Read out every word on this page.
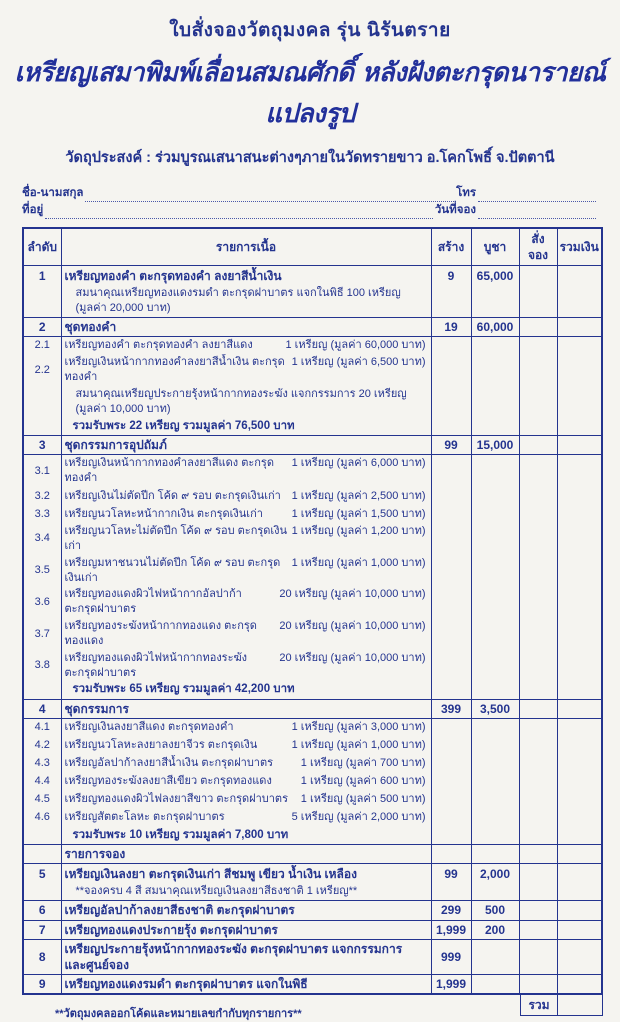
ใบสั่งจองวัตถุมงคล รุ่น นิรันตราย
เหรียญเสมาพิมพ์เลื่อนสมณศักดิ์ หลังฝังตะกรุดนารายณ์แปลงรูป
วัดถุประสงค์ : ร่วมบูรณเสนาสนะต่างๆภายในวัดทรายขาว อ.โคกโพธิ์ จ.ปัตตานี
ชื่อ-นามสกุล	โทร
ที่อยู่	วันที่จอง
ลำดับ	รายการเนื้อ	สร้าง	บูชา	สั่งจอง	รวมเงิน
1	เหรียญทองคำ ตะกรุดทองคำ ลงยาสีน้ำเงิน	9	65,000		

	สมนาคุณเหรียญทองแดงรมดำ ตะกรุดฝาบาตร แจกในพิธี 100 เหรียญ (มูลค่า 20,000 บาท)				

2	ชุดทองคำ	19	60,000		
2.1	เหรียญทองคำ ตะกรุดทองคำ ลงยาสีแดง 1 เหรียญ (มูลค่า 60,000 บาท)				

2.2	เหรียญเงินหน้ากากทองคำลงยาสีน้ำเงิน ตะกรุดทองคำ
1 เหรียญ (มูลค่า 6,500 บาท)				

	สมนาคุณเหรียญประกายรุ้งหน้ากากทองระฆัง แจกกรรมการ 20 เหรียญ (มูลค่า 10,000 บาท)				

	รวมรับพระ 22 เหรียญ รวมมูลค่า 76,500 บาท				

3	ชุดกรรมการอุปถัมภ์	99	15,000		
3.1	เหรียญเงินหน้ากากทองคำลงยาสีแดง ตะกรุดทองคำ
1 เหรียญ (มูลค่า 6,000 บาท)				

3.2	เหรียญเงินไม่ตัดปีก โค้ด ๙ รอบ ตะกรุดเงินเก่า 1 เหรียญ (มูลค่า 2,500 บาท)				

3.3	เหรียญนวโลหะหน้ากากเงิน ตะกรุดเงินเก่า 1 เหรียญ (มูลค่า 1,500 บาท)				

3.4	เหรียญนวโลหะไม่ตัดปีก โค้ด ๙ รอบ ตะกรุดเงินเก่า
1 เหรียญ (มูลค่า 1,200 บาท)				

3.5	เหรียญมหาชนวนไม่ตัดปีก โค้ด ๙ รอบ ตะกรุดเงินเก่า
1 เหรียญ (มูลค่า 1,000 บาท)				

3.6	เหรียญทองแดงผิวไฟหน้ากากอัลปาก้า ตะกรุดฝาบาตร
20 เหรียญ (มูลค่า 10,000 บาท)				

3.7	เหรียญทองระฆังหน้ากากทองแดง ตะกรุดทองแดง
20 เหรียญ (มูลค่า 10,000 บาท)				

3.8	เหรียญทองแดงผิวไฟหน้ากากทองระฆัง ตะกรุดฝาบาตร
20 เหรียญ (มูลค่า 10,000 บาท)				

	รวมรับพระ 65 เหรียญ รวมมูลค่า 42,200 บาท				

4	ชุดกรรมการ	399	3,500		
4.1	เหรียญเงินลงยาสีแดง ตะกรุดทองคำ 1 เหรียญ (มูลค่า 3,000 บาท)				

4.2	เหรียญนวโลหะลงยาลงยาจีวร ตะกรุดเงิน 1 เหรียญ (มูลค่า 1,000 บาท)				

4.3	เหรียญอัลปาก้าลงยาสีน้ำเงิน ตะกรุดฝาบาตร 1 เหรียญ (มูลค่า 700 บาท)				

4.4	เหรียญทองระฆังลงยาสีเขียว ตะกรุดทองแดง 1 เหรียญ (มูลค่า 600 บาท)				

4.5	เหรียญทองแดงผิวไฟลงยาสีขาว ตะกรุดฝาบาตร 1 เหรียญ (มูลค่า 500 บาท)				

4.6	เหรียญสัตตะโลหะ ตะกรุดฝาบาตร 5 เหรียญ (มูลค่า 2,000 บาท)				

	รวมรับพระ 10 เหรียญ รวมมูลค่า 7,800 บาท				

	รายการจอง				

5	เหรียญเงินลงยา ตะกรุดเงินเก่า สีชมพู เขียว น้ำเงิน เหลือง	99	2,000		

	**จองครบ 4 สี สมนาคุณเหรียญเงินลงยาสีธงชาติ 1 เหรียญ**				

6	เหรียญอัลปาก้าลงยาสีธงชาติ ตะกรุดฝาบาตร	299	500		
7	เหรียญทองแดงประกายรุ้ง ตะกรุดฝาบาตร	1,999	200		
8	เหรียญประกายรุ้งหน้ากากทองระฆัง ตะกรุดฝาบาตร แจกกรรมการและศูนย์จอง	999			
9	เหรียญทองแดงรมดำ ตะกรุดฝาบาตร แจกในพิธี	1,999			
**วัตถุมงคลออกโค้ดและหมายเลขกำกับทุกรายการ**
รวม
